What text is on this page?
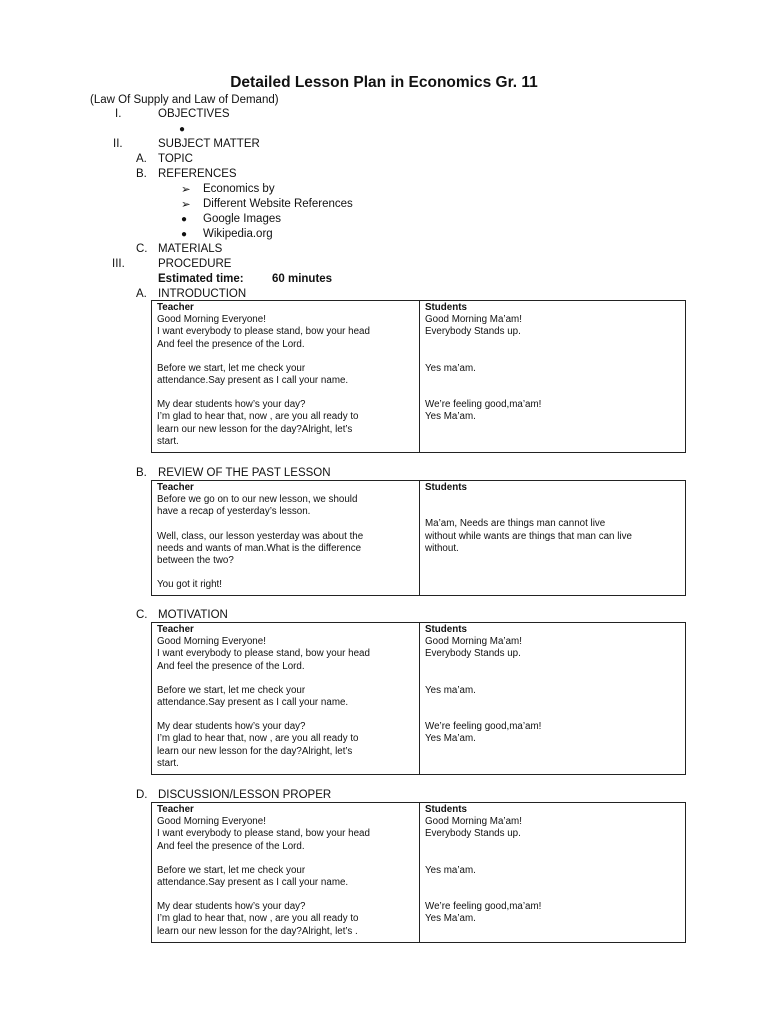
Detailed Lesson Plan in Economics Gr. 11
(Law Of Supply and Law of Demand)
I.	OBJECTIVES
●
II.	SUBJECT MATTER
A. TOPIC
B. REFERENCES
➢ Economics by
➢ Different Website References
● Google Images
● Wikipedia.org
C. MATERIALS
III.	PROCEDURE
Estimated time: 60 minutes
A. INTRODUCTION
Teacher
Good Morning Everyone!
I want everybody to please stand, bow your head
And feel the presence of the Lord.
Before we start, let me check your
attendance.Say present as I call your name.
My dear students how’s your day?
I’m glad to hear that, now , are you all ready to
learn our new lesson for the day?Alright, let’s
start.

Students
Good Morning Ma’am!
Everybody Stands up.

Yes ma’am.

We’re feeling good,ma’am!
Yes Ma’am.
B. REVIEW OF THE PAST LESSON
Teacher
Before we go on to our new lesson, we should
have a recap of yesterday’s lesson.
Well, class, our lesson yesterday was about the
needs and wants of man.What is the difference
between the two?
You got it right!

Students

Ma’am, Needs are things man cannot live
without while wants are things that man can live
without.
C. MOTIVATION
Teacher
Good Morning Everyone!
I want everybody to please stand, bow your head
And feel the presence of the Lord.
Before we start, let me check your
attendance.Say present as I call your name.
My dear students how’s your day?
I’m glad to hear that, now , are you all ready to
learn our new lesson for the day?Alright, let’s
start.

Students
Good Morning Ma’am!
Everybody Stands up.

Yes ma’am.

We’re feeling good,ma’am!
Yes Ma’am.
D. DISCUSSION/LESSON PROPER
Teacher
Good Morning Everyone!
I want everybody to please stand, bow your head
And feel the presence of the Lord.
Before we start, let me check your
attendance.Say present as I call your name.
My dear students how’s your day?
I’m glad to hear that, now , are you all ready to
learn our new lesson for the day?Alright, let’s .

Students
Good Morning Ma’am!
Everybody Stands up.

Yes ma’am.

We’re feeling good,ma’am!
Yes Ma’am.
